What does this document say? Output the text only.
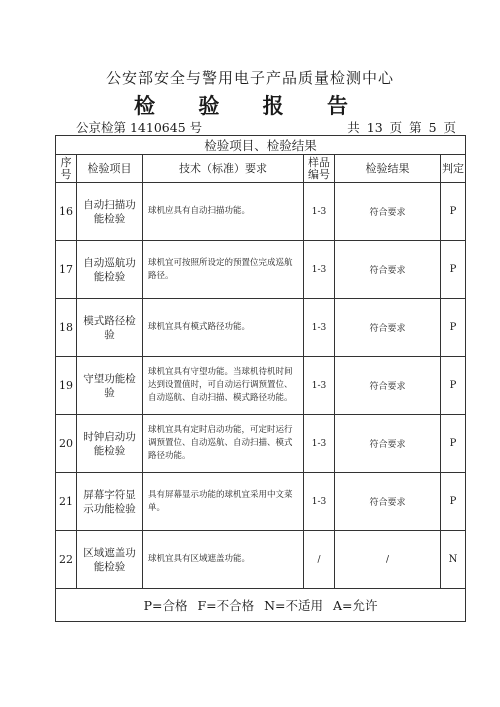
公安部安全与警用电子产品质量检测中心
检 验 报 告
公京检第 1410645 号	共 13 页 第 5 页
检验项目、检验结果					
序号	检验项目	技术（标准）要求	样品编号	检验结果	判定
16	自动扫描功能检验	球机应具有自动扫描功能。	1-3	符合要求	P
17	自动巡航功能检验	球机宜可按照所设定的预置位完成巡航路径。	1-3	符合要求	P
18	模式路径检验	球机宜具有模式路径功能。	1-3	符合要求	P
19	守望功能检验	球机宜具有守望功能。当球机待机时间达到设置值时，可自动运行调预置位、自动巡航、自动扫描、模式路径功能。	1-3	符合要求	P
20	时钟启动功能检验	球机宜具有定时启动功能，可定时运行调预置位、自动巡航、自动扫描、模式路径功能。	1-3	符合要求	P
21	屏幕字符显示功能检验	具有屏幕显示功能的球机宜采用中文菜单。	1-3	符合要求	P
22	区域遮盖功能检验	球机宜具有区域遮盖功能。	/	/	N
P=合格 F=不合格 N=不适用 A=允许					
